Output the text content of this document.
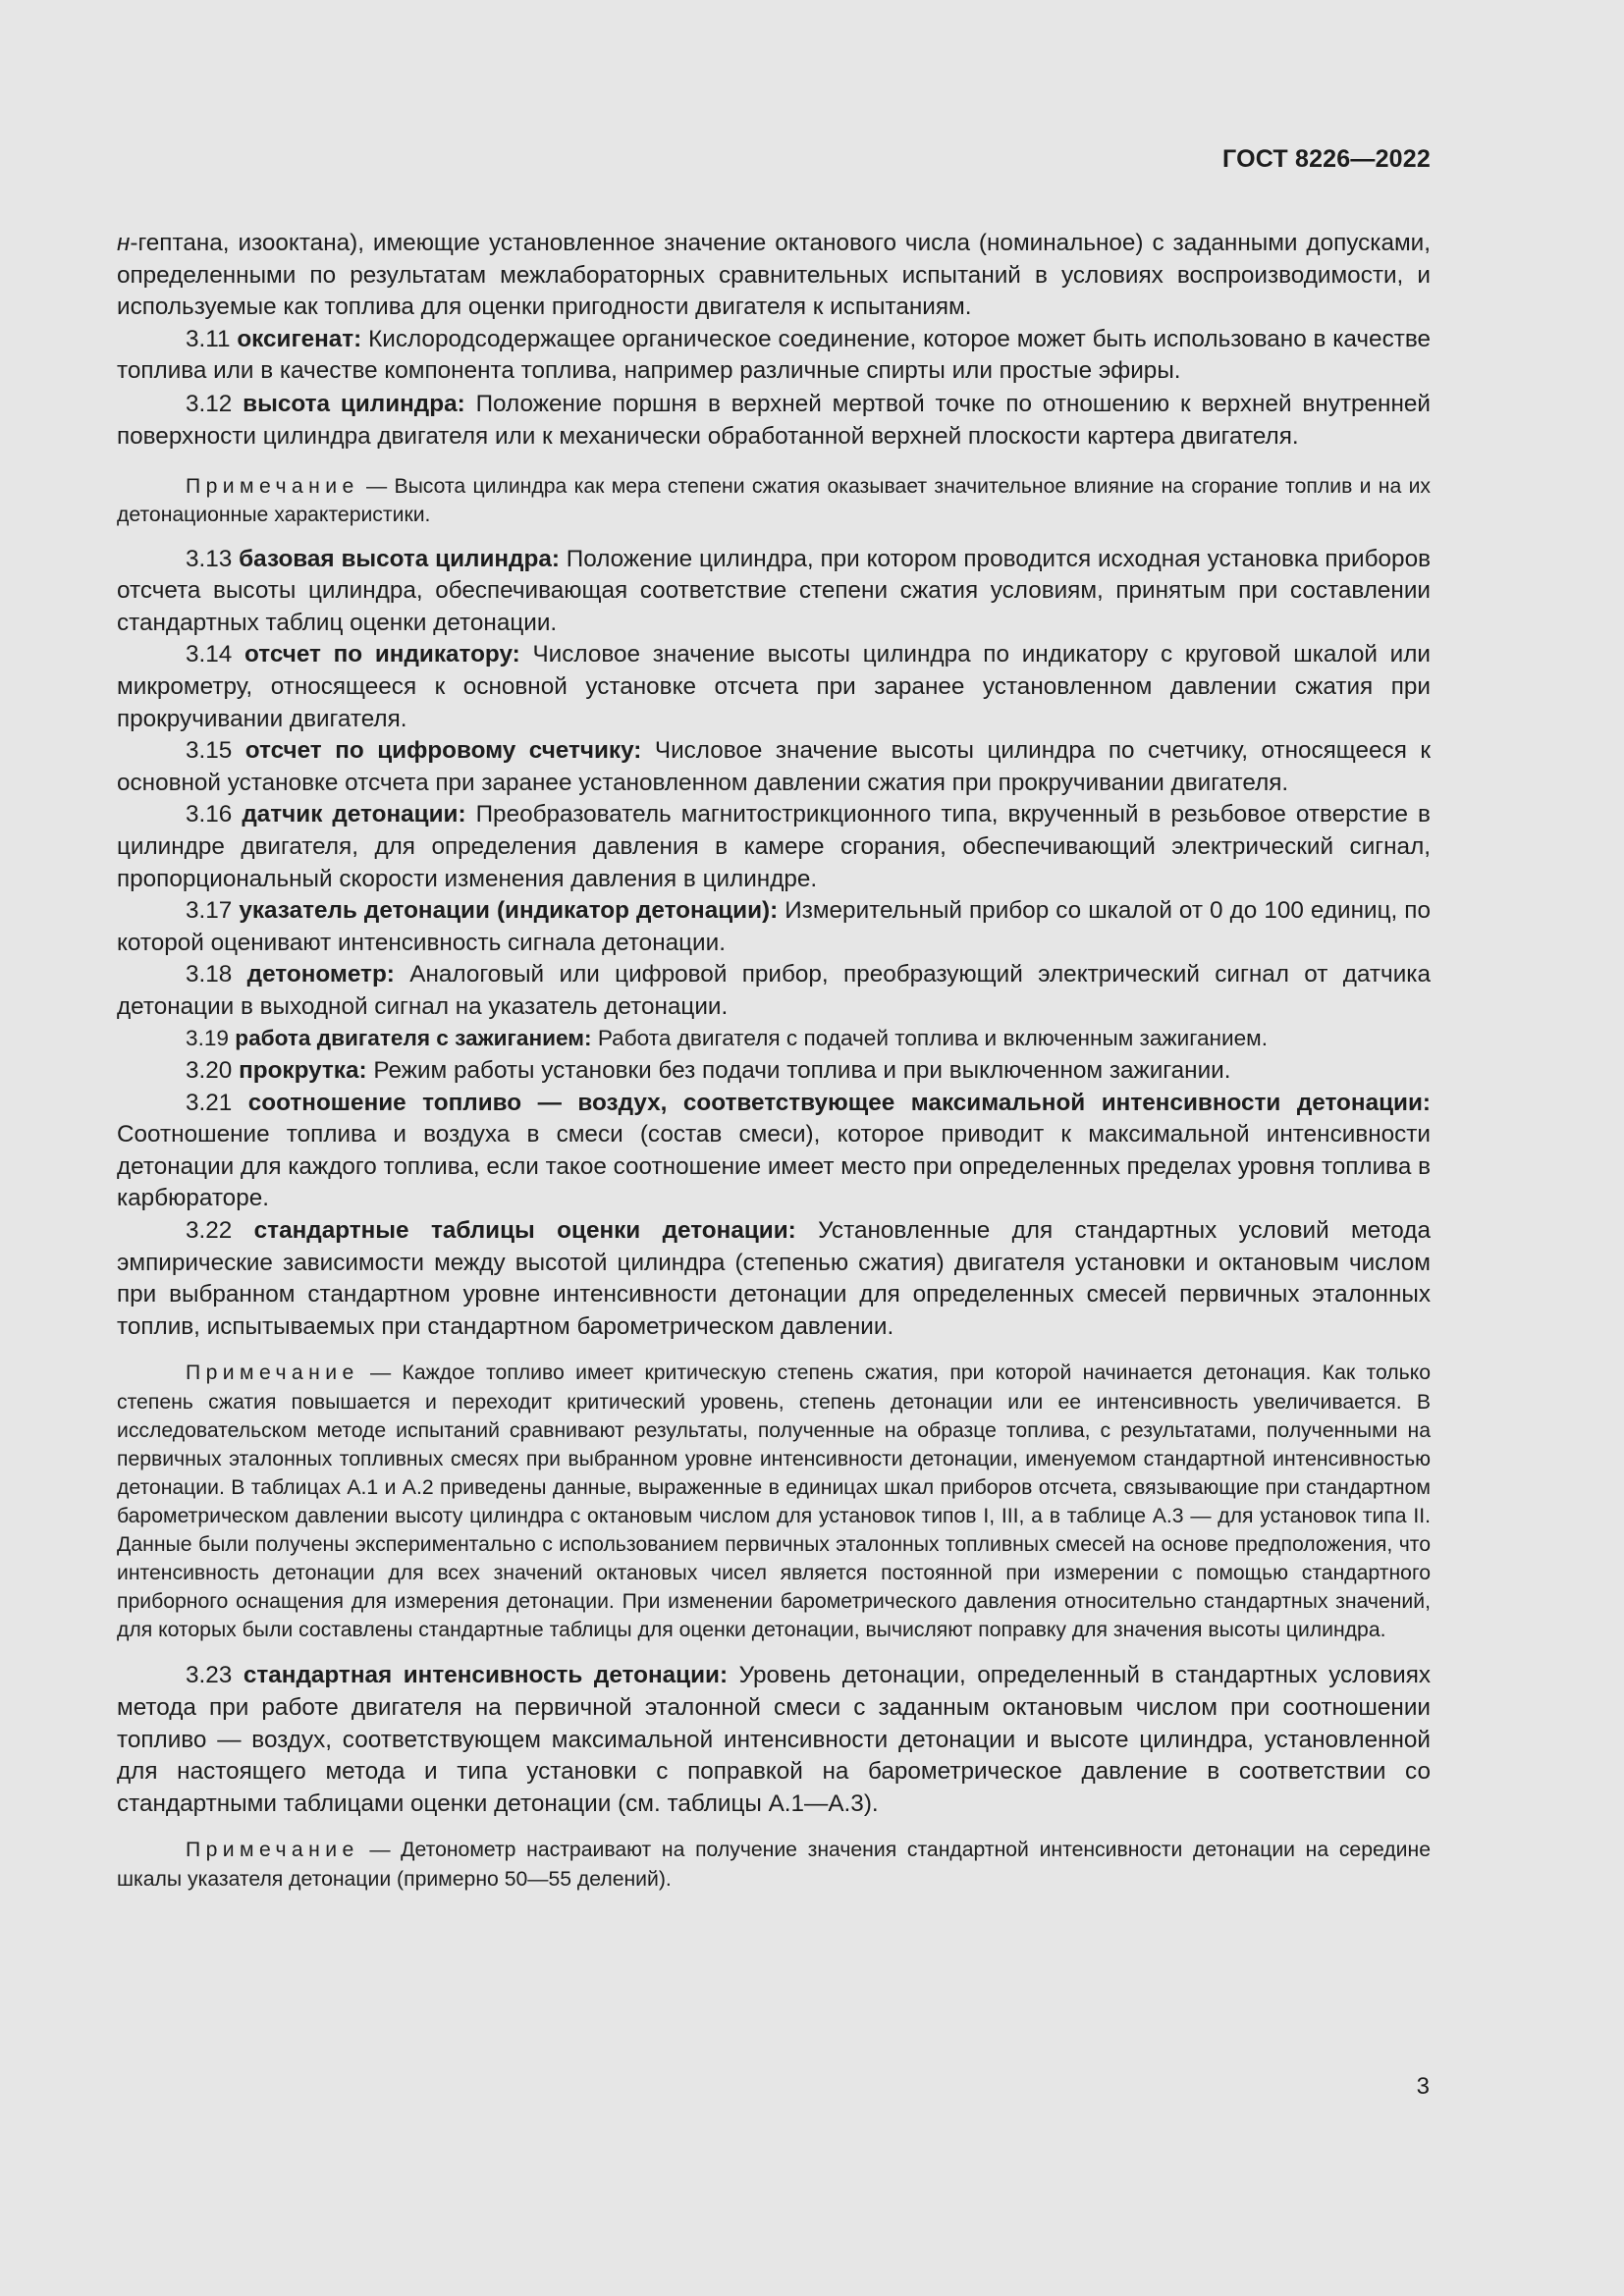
ГОСТ 8226—2022

н-гептана, изооктана), имеющие установленное значение октанового числа (номинальное) с заданными допусками, определенными по результатам межлабораторных сравнительных испытаний в условиях воспроизводимости, и используемые как топлива для оценки пригодности двигателя к испытаниям.

3.11 оксигенат: Кислородсодержащее органическое соединение, которое может быть использовано в качестве топлива или в качестве компонента топлива, например различные спирты или простые эфиры.

3.12 высота цилиндра: Положение поршня в верхней мертвой точке по отношению к верхней внутренней поверхности цилиндра двигателя или к механически обработанной верхней плоскости картера двигателя.

Примечание — Высота цилиндра как мера степени сжатия оказывает значительное влияние на сгорание топлив и на их детонационные характеристики.

3.13 базовая высота цилиндра: Положение цилиндра, при котором проводится исходная установка приборов отсчета высоты цилиндра, обеспечивающая соответствие степени сжатия условиям, принятым при составлении стандартных таблиц оценки детонации.

3.14 отсчет по индикатору: Числовое значение высоты цилиндра по индикатору с круговой шкалой или микрометру, относящееся к основной установке отсчета при заранее установленном давлении сжатия при прокручивании двигателя.

3.15 отсчет по цифровому счетчику: Числовое значение высоты цилиндра по счетчику, относящееся к основной установке отсчета при заранее установленном давлении сжатия при прокручивании двигателя.

3.16 датчик детонации: Преобразователь магнитострикционного типа, вкрученный в резьбовое отверстие в цилиндре двигателя, для определения давления в камере сгорания, обеспечивающий электрический сигнал, пропорциональный скорости изменения давления в цилиндре.

3.17 указатель детонации (индикатор детонации): Измерительный прибор со шкалой от 0 до 100 единиц, по которой оценивают интенсивность сигнала детонации.

3.18 детонометр: Аналоговый или цифровой прибор, преобразующий электрический сигнал от датчика детонации в выходной сигнал на указатель детонации.

3.19 работа двигателя с зажиганием: Работа двигателя с подачей топлива и включенным зажиганием.

3.20 прокрутка: Режим работы установки без подачи топлива и при выключенном зажигании.

3.21 соотношение топливо — воздух, соответствующее максимальной интенсивности детонации: Соотношение топлива и воздуха в смеси (состав смеси), которое приводит к максимальной интенсивности детонации для каждого топлива, если такое соотношение имеет место при определенных пределах уровня топлива в карбюраторе.

3.22 стандартные таблицы оценки детонации: Установленные для стандартных условий метода эмпирические зависимости между высотой цилиндра (степенью сжатия) двигателя установки и октановым числом при выбранном стандартном уровне интенсивности детонации для определенных смесей первичных эталонных топлив, испытываемых при стандартном барометрическом давлении.

Примечание — Каждое топливо имеет критическую степень сжатия, при которой начинается детонация. Как только степень сжатия повышается и переходит критический уровень, степень детонации или ее интенсивность увеличивается. В исследовательском методе испытаний сравнивают результаты, полученные на образце топлива, с результатами, полученными на первичных эталонных топливных смесях при выбранном уровне интенсивности детонации, именуемом стандартной интенсивностью детонации. В таблицах А.1 и А.2 приведены данные, выраженные в единицах шкал приборов отсчета, связывающие при стандартном барометрическом давлении высоту цилиндра с октановым числом для установок типов I, III, а в таблице А.3 — для установок типа II. Данные были получены экспериментально с использованием первичных эталонных топливных смесей на основе предположения, что интенсивность детонации для всех значений октановых чисел является постоянной при измерении с помощью стандартного приборного оснащения для измерения детонации. При изменении барометрического давления относительно стандартных значений, для которых были составлены стандартные таблицы для оценки детонации, вычисляют поправку для значения высоты цилиндра.

3.23 стандартная интенсивность детонации: Уровень детонации, определенный в стандартных условиях метода при работе двигателя на первичной эталонной смеси с заданным октановым числом при соотношении топливо — воздух, соответствующем максимальной интенсивности детонации и высоте цилиндра, установленной для настоящего метода и типа установки с поправкой на барометрическое давление в соответствии со стандартными таблицами оценки детонации (см. таблицы А.1—А.3).

Примечание — Детонометр настраивают на получение значения стандартной интенсивности детонации на середине шкалы указателя детонации (примерно 50—55 делений).

3
